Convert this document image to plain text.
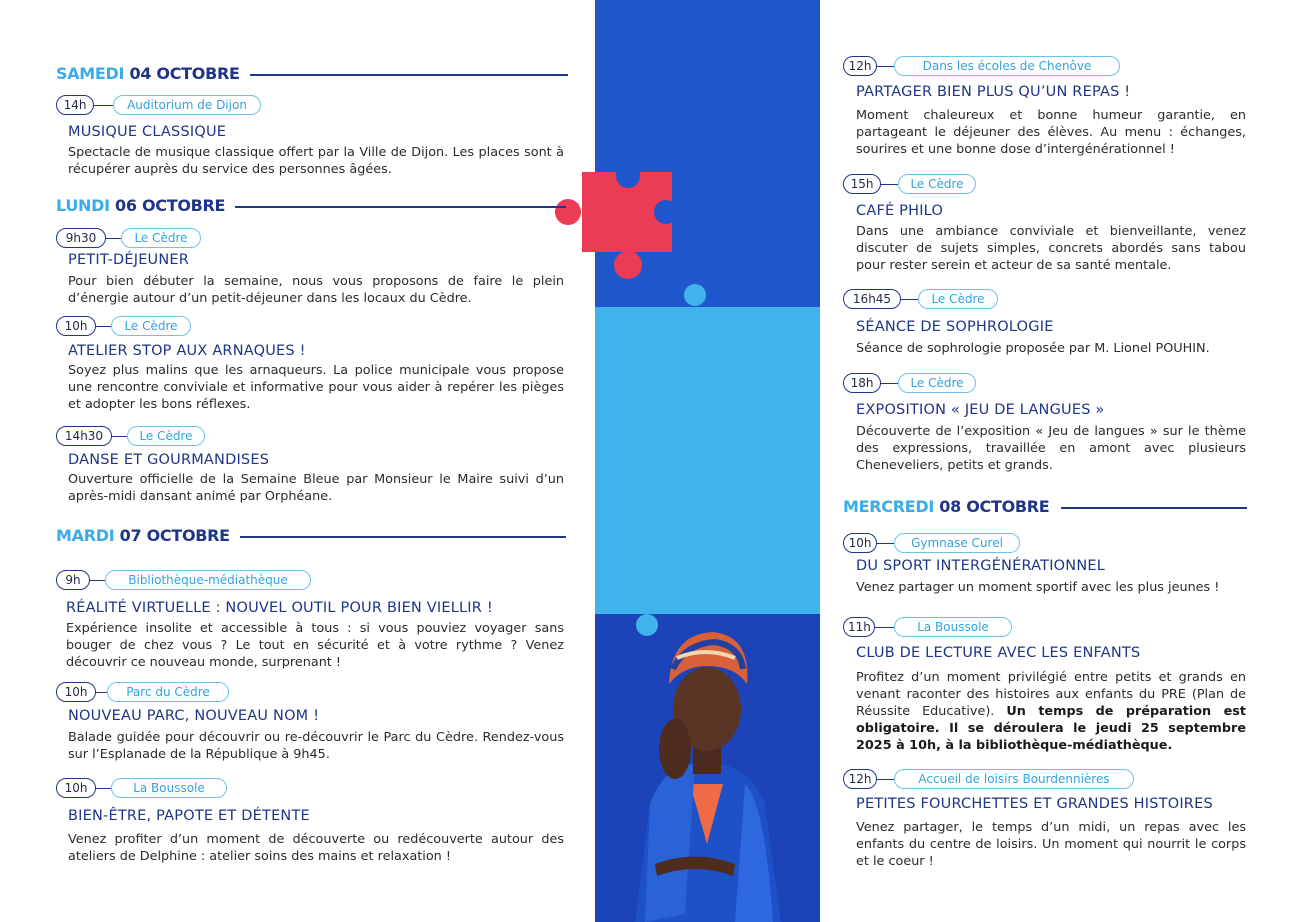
SAMEDI 04 OCTOBRE
14h	Auditorium de Dijon
MUSIQUE CLASSIQUE
Spectacle de musique classique offert par la Ville de Dijon. Les places sont à récupérer auprès du service des personnes âgées.
LUNDI 06 OCTOBRE
9h30	Le Cèdre
PETIT-DÉJEUNER
Pour bien débuter la semaine, nous vous proposons de faire le plein d’énergie autour d’un petit-déjeuner dans les locaux du Cèdre.
10h	Le Cèdre
ATELIER STOP AUX ARNAQUES !
Soyez plus malins que les arnaqueurs. La police municipale vous propose une rencontre conviviale et informative pour vous aider à repérer les pièges et adopter les bons réflexes.
14h30	Le Cèdre
DANSE ET GOURMANDISES
Ouverture officielle de la Semaine Bleue par Monsieur le Maire suivi d’un après-midi dansant animé par Orphéane.
MARDI 07 OCTOBRE
9h	Bibliothèque-médiathèque
RÉALITÉ VIRTUELLE : NOUVEL OUTIL POUR BIEN VIELLIR !
Expérience insolite et accessible à tous : si vous pouviez voyager sans bouger de chez vous ? Le tout en sécurité et à votre rythme ? Venez découvrir ce nouveau monde, surprenant !
10h	Parc du Cèdre
NOUVEAU PARC, NOUVEAU NOM !
Balade guidée pour découvrir ou re-découvrir le Parc du Cèdre. Rendez-vous sur l’Esplanade de la République à 9h45.
10h	La Boussole
BIEN-ÊTRE, PAPOTE ET DÉTENTE
Venez profiter d’un moment de découverte ou redécouverte autour des ateliers de Delphine : atelier soins des mains et relaxation !
12h	Dans les écoles de Chenôve
PARTAGER BIEN PLUS QU’UN REPAS !
Moment chaleureux et bonne humeur garantie, en partageant le déjeuner des élèves. Au menu : échanges, sourires et une bonne dose d’intergénérationnel !
15h	Le Cèdre
CAFÉ PHILO
Dans une ambiance conviviale et bienveillante, venez discuter de sujets simples, concrets abordés sans tabou pour rester serein et acteur de sa santé mentale.
16h45	Le Cèdre
SÉANCE DE SOPHROLOGIE
Séance de sophrologie proposée par M. Lionel POUHIN.
18h	Le Cèdre
EXPOSITION « JEU DE LANGUES »
Découverte de l’exposition « Jeu de langues » sur le thème des expressions, travaillée en amont avec plusieurs Cheneveliers, petits et grands.
MERCREDI 08 OCTOBRE
10h	Gymnase Curel
DU SPORT INTERGÉNÉRATIONNEL
Venez partager un moment sportif avec les plus jeunes !
11h	La Boussole
CLUB DE LECTURE AVEC LES ENFANTS
Profitez d’un moment privilégié entre petits et grands en venant raconter des histoires aux enfants du PRE (Plan de Réussite Educative). Un temps de préparation est obligatoire. Il se déroulera le jeudi 25 septembre 2025 à 10h, à la bibliothèque-médiathèque.
12h	Accueil de loisirs Bourdennières
PETITES FOURCHETTES ET GRANDES HISTOIRES
Venez partager, le temps d’un midi, un repas avec les enfants du centre de loisirs. Un moment qui nourrit le corps et le coeur !
